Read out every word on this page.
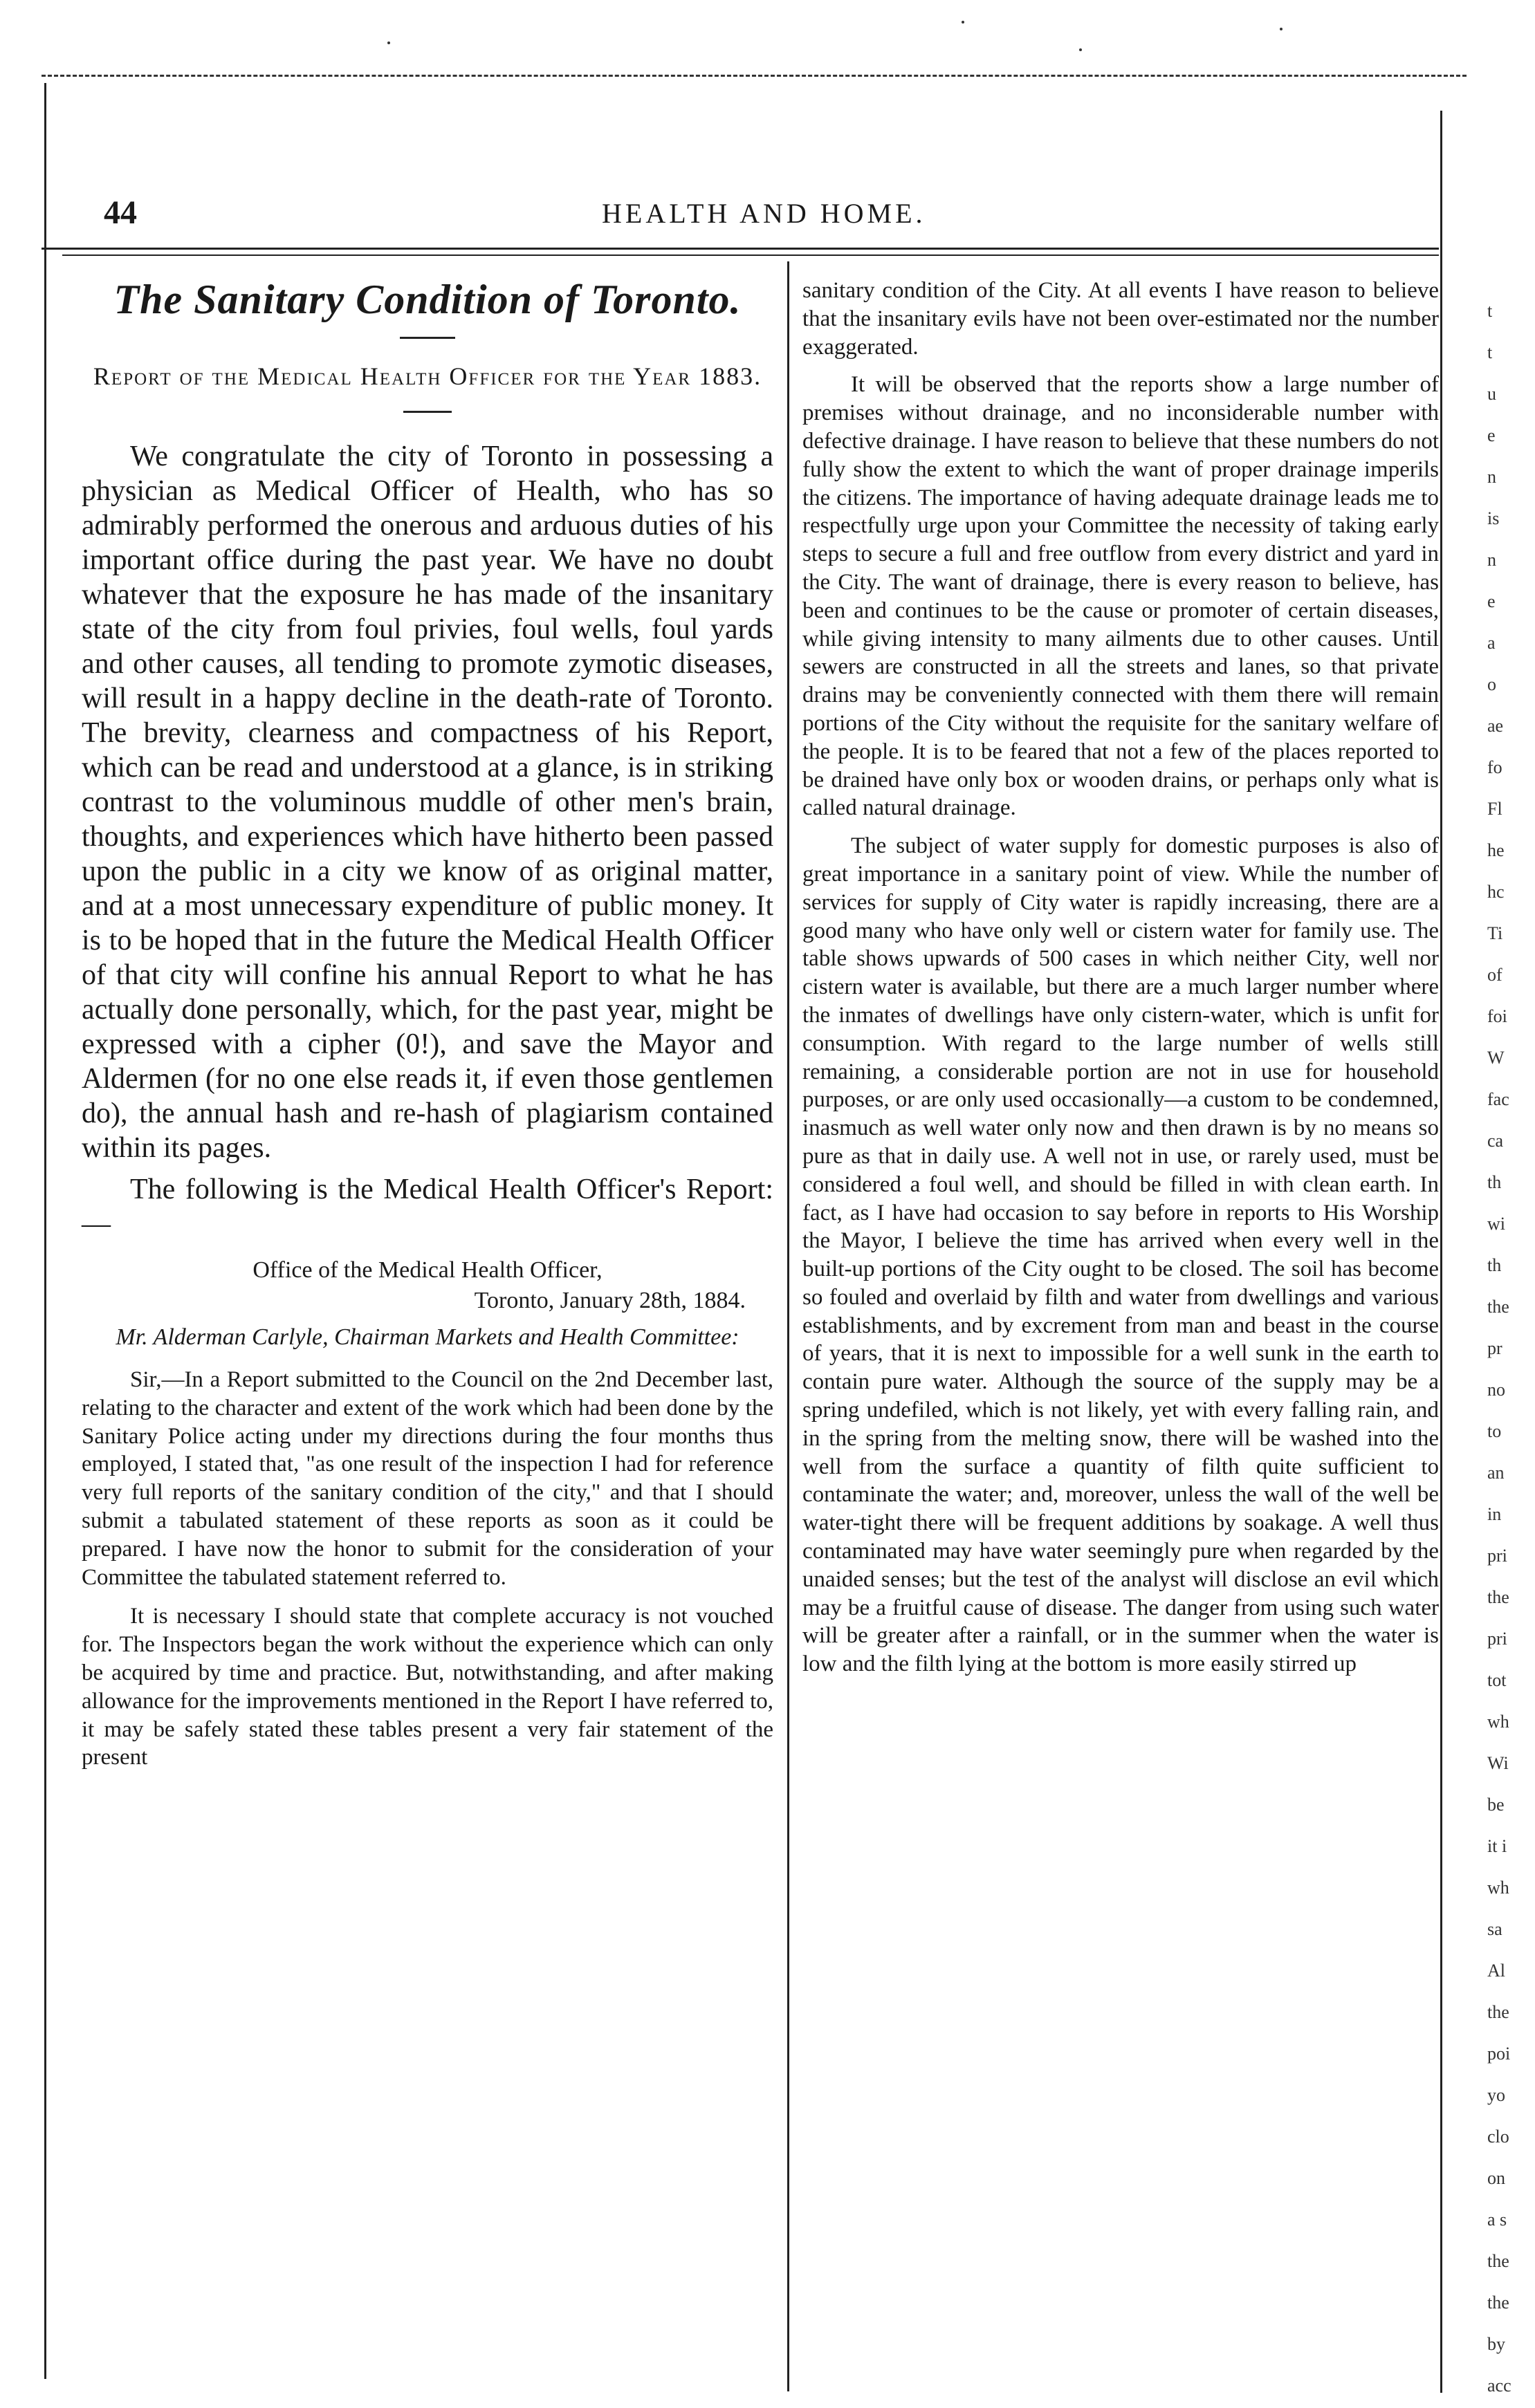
44	HEALTH AND HOME.
The Sanitary Condition of Toronto.
Report of the Medical Health Officer for the Year 1883.

We congratulate the city of Toronto in possessing a physician as Medical Officer of Health, who has so admirably performed the onerous and arduous duties of his important office during the past year. We have no doubt whatever that the exposure he has made of the insanitary state of the city from foul privies, foul wells, foul yards and other causes, all tending to promote zymotic diseases, will result in a happy decline in the death-rate of Toronto. The brevity, clearness and compactness of his Report, which can be read and understood at a glance, is in striking contrast to the voluminous muddle of other men's brain, thoughts, and experiences which have hitherto been passed upon the public in a city we know of as original matter, and at a most unnecessary expenditure of public money. It is to be hoped that in the future the Medical Health Officer of that city will confine his annual Report to what he has actually done personally, which, for the past year, might be expressed with a cipher (0!), and save the Mayor and Aldermen (for no one else reads it, if even those gentlemen do), the annual hash and re-hash of plagiarism contained within its pages.

The following is the Medical Health Officer's Report:—

Office of the Medical Health Officer,
Toronto, January 28th, 1884.
Mr. Alderman Carlyle, Chairman Markets and Health Committee:

Sir,—In a Report submitted to the Council on the 2nd December last, relating to the character and extent of the work which had been done by the Sanitary Police acting under my directions during the four months thus employed, I stated that, "as one result of the inspection I had for reference very full reports of the sanitary condition of the city," and that I should submit a tabulated statement of these reports as soon as it could be prepared. I have now the honor to submit for the consideration of your Committee the tabulated statement referred to.

It is necessary I should state that complete accuracy is not vouched for. The Inspectors began the work without the experience which can only be acquired by time and practice. But, notwithstanding, and after making allowance for the improvements mentioned in the Report I have referred to, it may be safely stated these tables present a very fair statement of the present

sanitary condition of the City. At all events I have reason to believe that the insanitary evils have not been over-estimated nor the number exaggerated.

It will be observed that the reports show a large number of premises without drainage, and no inconsiderable number with defective drainage. I have reason to believe that these numbers do not fully show the extent to which the want of proper drainage imperils the citizens. The importance of having adequate drainage leads me to respectfully urge upon your Committee the necessity of taking early steps to secure a full and free outflow from every district and yard in the City. The want of drainage, there is every reason to believe, has been and continues to be the cause or promoter of certain diseases, while giving intensity to many ailments due to other causes. Until sewers are constructed in all the streets and lanes, so that private drains may be conveniently connected with them there will remain portions of the City without the requisite for the sanitary welfare of the people. It is to be feared that not a few of the places reported to be drained have only box or wooden drains, or perhaps only what is called natural drainage.

The subject of water supply for domestic purposes is also of great importance in a sanitary point of view. While the number of services for supply of City water is rapidly increasing, there are a good many who have only well or cistern water for family use. The table shows upwards of 500 cases in which neither City, well nor cistern water is available, but there are a much larger number where the inmates of dwellings have only cistern-water, which is unfit for consumption. With regard to the large number of wells still remaining, a considerable portion are not in use for household purposes, or are only used occasionally—a custom to be condemned, inasmuch as well water only now and then drawn is by no means so pure as that in daily use. A well not in use, or rarely used, must be considered a foul well, and should be filled in with clean earth. In fact, as I have had occasion to say before in reports to His Worship the Mayor, I believe the time has arrived when every well in the built-up portions of the City ought to be closed. The soil has become so fouled and overlaid by filth and water from dwellings and various establishments, and by excrement from man and beast in the course of years, that it is next to impossible for a well sunk in the earth to contain pure water. Although the source of the supply may be a spring undefiled, which is not likely, yet with every falling rain, and in the spring from the melting snow, there will be washed into the well from the surface a quantity of filth quite sufficient to contaminate the water; and, moreover, unless the wall of the well be water-tight there will be frequent additions by soakage. A well thus contaminated may have water seemingly pure when regarded by the unaided senses; but the test of the analyst will disclose an evil which may be a fruitful cause of disease. The danger from using such water will be greater after a rainfall, or in the summer when the water is low and the filth lying at the bottom is more easily stirred up

t
t
u
e
n
is
n
e
a
o
ae
fo
Fl
he
hc
Ti
of
foi
W
fac
ca
th
wi
th
the
pr
no
to
an
in
pri
the
pri
tot
wh
Wi
be
it i
wh
sa
Al
the
poi
yo
clo
on
a s
the
the
by
acc
